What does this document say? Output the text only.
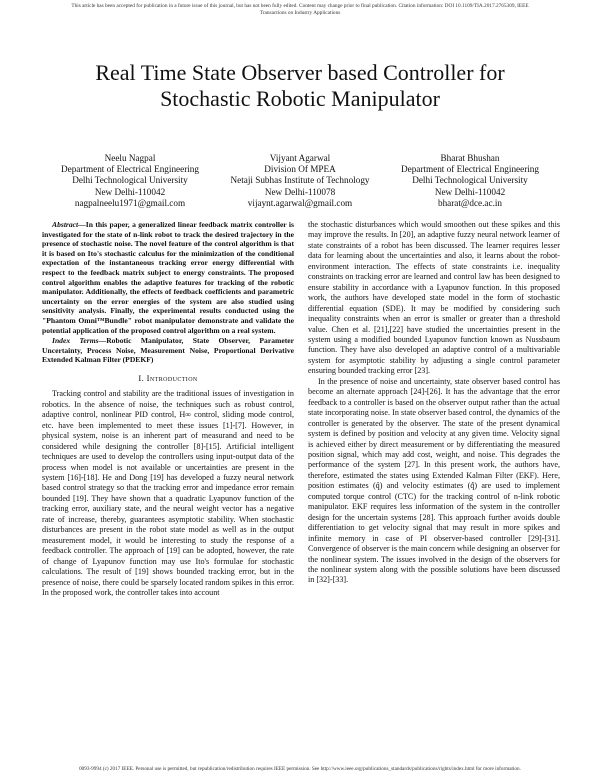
This article has been accepted for publication in a future issue of this journal, but has not been fully edited. Content may change prior to final publication. Citation information: DOI 10.1109/TIA.2017.2765309, IEEE
Transactions on Industry Applications
Real Time State Observer based Controller for
Stochastic Robotic Manipulator
Neelu Nagpal
Department of Electrical Engineering
Delhi Technological University
New Delhi-110042
nagpalneelu1971@gmail.com
Vijyant Agarwal
Division Of MPEA
Netaji Subhas Institute of Technology
New Delhi-110078
vijaynt.agarwal@gmail.com
Bharat Bhushan
Department of Electrical Engineering
Delhi Technological University
New Delhi-110042
bharat@dce.ac.in

Abstract—In this paper, a generalized linear feedback matrix controller is investigated for the state of n-link robot to track the desired trajectory in the presence of stochastic noise. The novel feature of the control algorithm is that it is based on Ito's stochastic calculus for the minimization of the conditional expectation of the instantaneous tracking error energy differential with respect to the feedback matrix subject to energy constraints. The proposed control algorithm enables the adaptive features for tracking of the robotic manipulator. Additionally, the effects of feedback coefficients and parametric uncertainty on the error energies of the system are also studied using sensitivity analysis. Finally, the experimental results conducted using the "Phantom Omni™Bundle" robot manipulator demonstrate and validate the potential application of the proposed control algorithm on a real system.

Index Terms—Robotic Manipulator, State Observer, Parameter Uncertainty, Process Noise, Measurement Noise, Proportional Derivative Extended Kalman Filter (PDEKF)

I. Introduction

Tracking control and stability are the traditional issues of investigation in robotics. In the absence of noise, the techniques such as robust control, adaptive control, nonlinear PID control, H∞ control, sliding mode control, etc. have been implemented to meet these issues [1]-[7]. However, in physical system, noise is an inherent part of measurand and need to be considered while designing the controller [8]-[15]. Artificial intelligent techniques are used to develop the controllers using input-output data of the process when model is not available or uncertainties are present in the system [16]-[18]. He and Dong [19] has developed a fuzzy neural network based control strategy so that the tracking error and impedance error remain bounded [19]. They have shown that a quadratic Lyapunov function of the tracking error, auxiliary state, and the neural weight vector has a negative rate of increase, thereby, guarantees asymptotic stability. When stochastic disturbances are present in the robot state model as well as in the output measurement model, it would be interesting to study the response of a feedback controller. The approach of [19] can be adopted, however, the rate of change of Lyapunov function may use Ito's formulae for stochastic calculations. The result of [19] shows bounded tracking error, but in the presence of noise, there could be sparsely located random spikes in this error. In the proposed work, the controller takes into account

the stochastic disturbances which would smoothen out these spikes and this may improve the results. In [20], an adaptive fuzzy neural network learner of state constraints of a robot has been discussed. The learner requires lesser data for learning about the uncertainties and also, it learns about the robot-environment interaction. The effects of state constraints i.e. inequality constraints on tracking error are learned and control law has been designed to ensure stability in accordance with a Lyapunov function. In this proposed work, the authors have developed state model in the form of stochastic differential equation (SDE). It may be modified by considering such inequality constraints when an error is smaller or greater than a threshold value. Chen et al. [21],[22] have studied the uncertainties present in the system using a modified bounded Lyapunov function known as Nussbaum function. They have also developed an adaptive control of a multivariable system for asymptotic stability by adjusting a single control parameter ensuring bounded tracking error [23].

In the presence of noise and uncertainty, state observer based control has become an alternate approach [24]-[26]. It has the advantage that the error feedback to a controller is based on the observer output rather than the actual state incorporating noise. In state observer based control, the dynamics of the controller is generated by the observer. The state of the present dynamical system is defined by position and velocity at any given time. Velocity signal is achieved either by direct measurement or by differentiating the measured position signal, which may add cost, weight, and noise. This degrades the performance of the system [27]. In this present work, the authors have, therefore, estimated the states using Extended Kalman Filter (EKF). Here, position estimates (q̂) and velocity estimates (q̂̇) are used to implement computed torque control (CTC) for the tracking control of n-link robotic manipulator. EKF requires less information of the system in the controller design for the uncertain systems [28]. This approach further avoids double differentiation to get velocity signal that may result in more spikes and infinite memory in case of PI observer-based controller [29]-[31]. Convergence of observer is the main concern while designing an observer for the nonlinear system. The issues involved in the design of the observers for the nonlinear system along with the possible solutions have been discussed in [32]-[33].

0093-9994 (c) 2017 IEEE. Personal use is permitted, but republication/redistribution requires IEEE permission. See http://www.ieee.org/publications_standards/publications/rights/index.html for more information.
